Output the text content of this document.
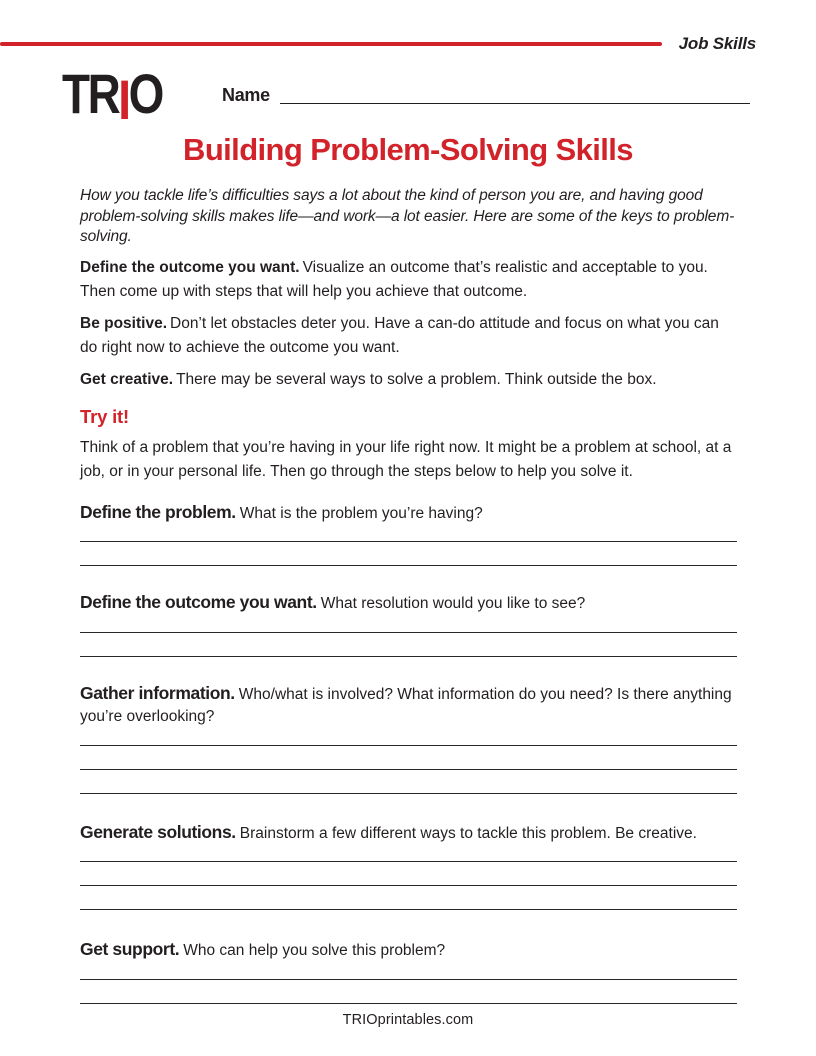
Job Skills
TRIO	Name
Building Problem-Solving Skills

How you tackle life’s difficulties says a lot about the kind of person you are, and having good problem-solving skills makes life—and work—a lot easier. Here are some of the keys to problem-solving.

Define the outcome you want. Visualize an outcome that’s realistic and acceptable to you. Then come up with steps that will help you achieve that outcome.

Be positive. Don’t let obstacles deter you. Have a can-do attitude and focus on what you can do right now to achieve the outcome you want.

Get creative. There may be several ways to solve a problem. Think outside the box.

Try it!

Think of a problem that you’re having in your life right now. It might be a problem at school, at a job, or in your personal life. Then go through the steps below to help you solve it.

Define the problem. What is the problem you’re having?

Define the outcome you want. What resolution would you like to see?

Gather information. Who/what is involved? What information do you need? Is there anything you’re overlooking?

Generate solutions. Brainstorm a few different ways to tackle this problem. Be creative.

Get support. Who can help you solve this problem?

TRIOprintables.com
